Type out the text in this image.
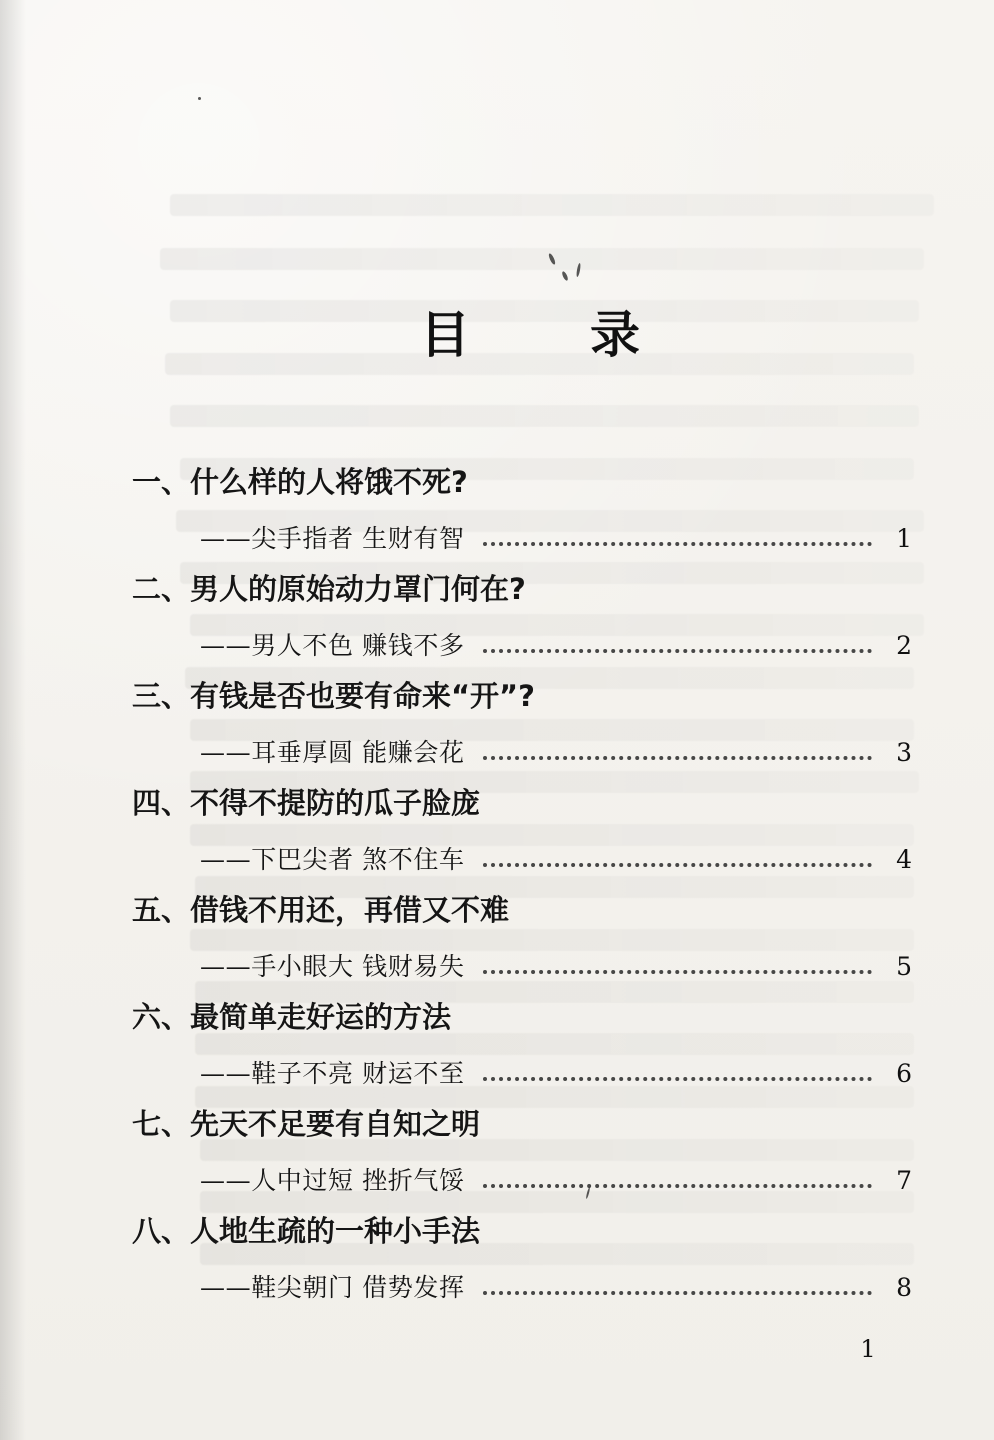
目 录
一、什么样的人将饿不死?
——尖手指者 生财有智	1
二、男人的原始动力罩门何在?
——男人不色 赚钱不多	2
三、有钱是否也要有命来“开”?
——耳垂厚圆 能赚会花	3
四、不得不提防的瓜子脸庞
——下巴尖者 煞不住车	4
五、借钱不用还，再借又不难
——手小眼大 钱财易失	5
六、最简单走好运的方法
——鞋子不亮 财运不至	6
七、先天不足要有自知之明
——人中过短 挫折气馁	7
八、人地生疏的一种小手法
——鞋尖朝门 借势发挥	8
1
